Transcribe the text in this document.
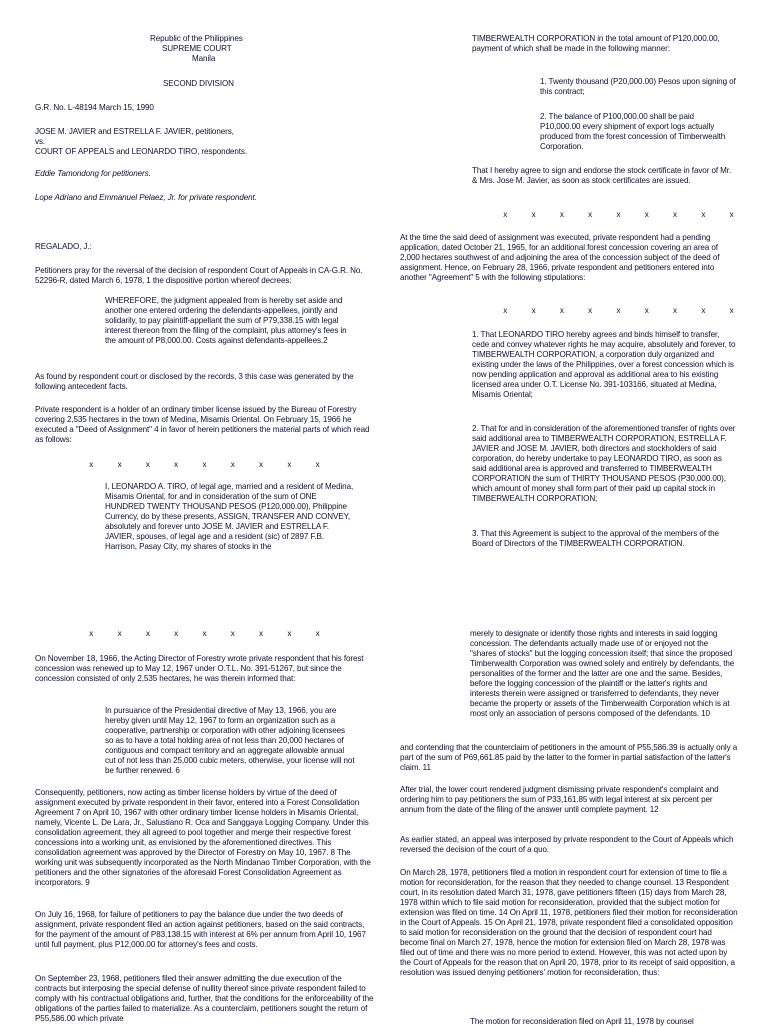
Republic of the Philippines

SUPREME COURT

Manila

SECOND DIVISION

G.R. No. L-48194 March 15, 1990

JOSE M. JAVIER and ESTRELLA F. JAVIER, petitioners,
vs.
COURT OF APPEALS and LEONARDO TIRO, respondents.

Eddie Tamondong for petitioners.

Lope Adriano and Emmanuel Pelaez, Jr. for private respondent.

REGALADO, J.:

Petitioners pray for the reversal of the decision of respondent Court of Appeals in CA-G.R. No. 52296-R, dated March 6, 1978, 1 the dispositive portion whereof decrees:

WHEREFORE, the judgment appealed from is hereby set aside and another one entered ordering the defendants-appellees, jointly and solidarily, to pay plaintiff-appellant the sum of P79,338.15 with legal interest thereon from the filing of the complaint, plus attorney's fees in the amount of P8,000.00. Costs against defendants-appellees.2

As found by respondent court or disclosed by the records, 3 this case was generated by the following antecedent facts.

Private respondent is a holder of an ordinary timber license issued by the Bureau of Forestry covering 2,535 hectares in the town of Medina, Misamis Oriental. On February 15, 1966 he executed a "Deed of Assignment" 4 in favor of herein petitioners the material parts of which read as follows:

x x x x x x x x x

I, LEONARDO A. TIRO, of legal age, married and a resident of Medina, Misamis Oriental, for and in consideration of the sum of ONE HUNDRED TWENTY THOUSAND PESOS (P120,000.00), Philippine Currency, do by these presents, ASSIGN, TRANSFER AND CONVEY, absolutely and forever unto JOSE M. JAVIER and ESTRELLA F. JAVIER, spouses, of legal age and a resident (sic) of 2897 F.B. Harrison, Pasay City, my shares of stocks in the

TIMBERWEALTH CORPORATION in the total amount of P120,000.00, payment of which shall be made in the following manner:

1. Twenty thousand (P20,000.00) Pesos upon signing of this contract;

2. The balance of P100,000.00 shall be paid P10,000.00 every shipment of export logs actually produced from the forest concession of Timberwealth Corporation.

That I hereby agree to sign and endorse the stock certificate in favor of Mr. & Mrs. Jose M. Javier, as soon as stock certificates are issued.

x x x x x x x x x

At the time the said deed of assignment was executed, private respondent had a pending application, dated October 21, 1965, for an additional forest concession covering an area of 2,000 hectares southwest of and adjoining the area of the concession subject of the deed of assignment. Hence, on February 28, 1966, private respondent and petitioners entered into another "Agreement" 5 with the following stipulations:

x x x x x x x x x

1. That LEONARDO TIRO hereby agrees and binds himself to transfer, cede and convey whatever rights he may acquire, absolutely and forever, to TIMBERWEALTH CORPORATION, a corporation duly organized and existing under the laws of the Philippines, over a forest concession which is now pending application and approval as additional area to his existing licensed area under O.T. License No. 391-103166, situated at Medina, Misamis Oriental;

2. That for and in consideration of the aforementioned transfer of rights over said additional area to TIMBERWEALTH CORPORATION, ESTRELLA F. JAVIER and JOSE M. JAVIER, both directors and stockholders of said corporation, do hereby undertake to pay LEONARDO TIRO, as soon as said additional area is approved and transferred to TIMBERWEALTH CORPORATION the sum of THIRTY THOUSAND PESOS (P30,000.00), which amount of money shall form part of their paid up capital stock in TIMBERWEALTH CORPORATION;

3. That this Agreement is subject to the approval of the members of the Board of Directors of the TIMBERWEALTH CORPORATION.

x x x x x x x x x

On November 18, 1966, the Acting Director of Forestry wrote private respondent that his forest concession was renewed up to May 12, 1967 under O.T.L. No. 391-51267, but since the concession consisted of only 2,535 hectares, he was therein informed that:

In pursuance of the Presidential directive of May 13, 1966, you are hereby given until May 12, 1967 to form an organization such as a cooperative, partnership or corporation with other adjoining licensees so as to have a total holding area of not less than 20,000 hectares of contiguous and compact territory and an aggregate allowable annual cut of not less than 25,000 cubic meters, otherwise, your license will not be further renewed. 6

Consequently, petitioners, now acting as timber license holders by virtue of the deed of assignment executed by private respondent in their favor, entered into a Forest Consolidation Agreement 7 on April 10, 1967 with other ordinary timber license holders in Misamis Oriental, namely, Vicente L. De Lara, Jr., Salustiano R. Oca and Sanggaya Logging Company. Under this consolidation agreement, they all agreed to pool together and merge their respective forest concessions into a working unit, as envisioned by the aforementioned directives. This consolidation agreement was approved by the Director of Forestry on May 10, 1967. 8 The working unit was subsequently incorporated as the North Mindanao Timber Corporation, with the petitioners and the other signatories of the aforesaid Forest Consolidation Agreement as incorporators. 9

On July 16, 1968, for failure of petitioners to pay the balance due under the two deeds of assignment, private respondent filed an action against petitioners, based on the said contracts, for the payment of the amount of P83,138.15 with interest at 6% per annum from April 10, 1967 until full payment, plus P12,000.00 for attorney's fees and costs.

On September 23, 1968, petitioners filed their answer admitting the due execution of the contracts but interposing the special defense of nullity thereof since private respondent failed to comply with his contractual obligations and, further, that the conditions for the enforceability of the obligations of the parties failed to materialize. As a counterclaim, petitioners sought the return of P55,586.00 which private

merely to designate or identify those rights and interests in said logging concession. The defendants actually made use of or enjoyed not the "shares of stocks" but the logging concession itself; that since the proposed Timberwealth Corporation was owned solely and entirely by defendants, the personalities of the former and the latter are one and the same. Besides, before the logging concession of the plaintiff or the latter's rights and interests therein were assigned or transferred to defendants, they never became the property or assets of the Timberwealth Corporation which is at most only an association of persons composed of the defendants. 10

and contending that the counterclaim of petitioners in the amount of P55,586.39 is actually only a part of the sum of P69,661.85 paid by the latter to the former in partial satisfaction of the latter's claim. 11

After trial, the lower court rendered judgment dismissing private respondent's complaint and ordering him to pay petitioners the sum of P33,161.85 with legal interest at six percent per annum from the date of the filing of the answer until complete payment. 12

As earlier stated, an appeal was interposed by private respondent to the Court of Appeals which reversed the decision of the court of a quo.

On March 28, 1978, petitioners filed a motion in respondent court for extension of time to file a motion for reconsideration, for the reason that they needed to change counsel. 13 Respondent court, in its resolution dated March 31, 1978, gave petitioners fifteen (15) days from March 28, 1978 within which to file said motion for reconsideration, provided that the subject motion for extension was filed on time. 14 On April 11, 1978, petitioners filed their motion for reconsideration in the Court of Appeals. 15 On April 21, 1978, private respondent filed a consolidated opposition to said motion for reconsideration on the ground that the decision of respondent court had become final on March 27, 1978, hence the motion for extension filed on March 28, 1978 was filed out of time and there was no more period to extend. However, this was not acted upon by the Court of Appeals for the reason that on April 20, 1978, prior to its receipt of said opposition, a resolution was issued denying petitioners' motion for reconsideration, thus:

The motion for reconsideration filed on April 11, 1978 by counsel
